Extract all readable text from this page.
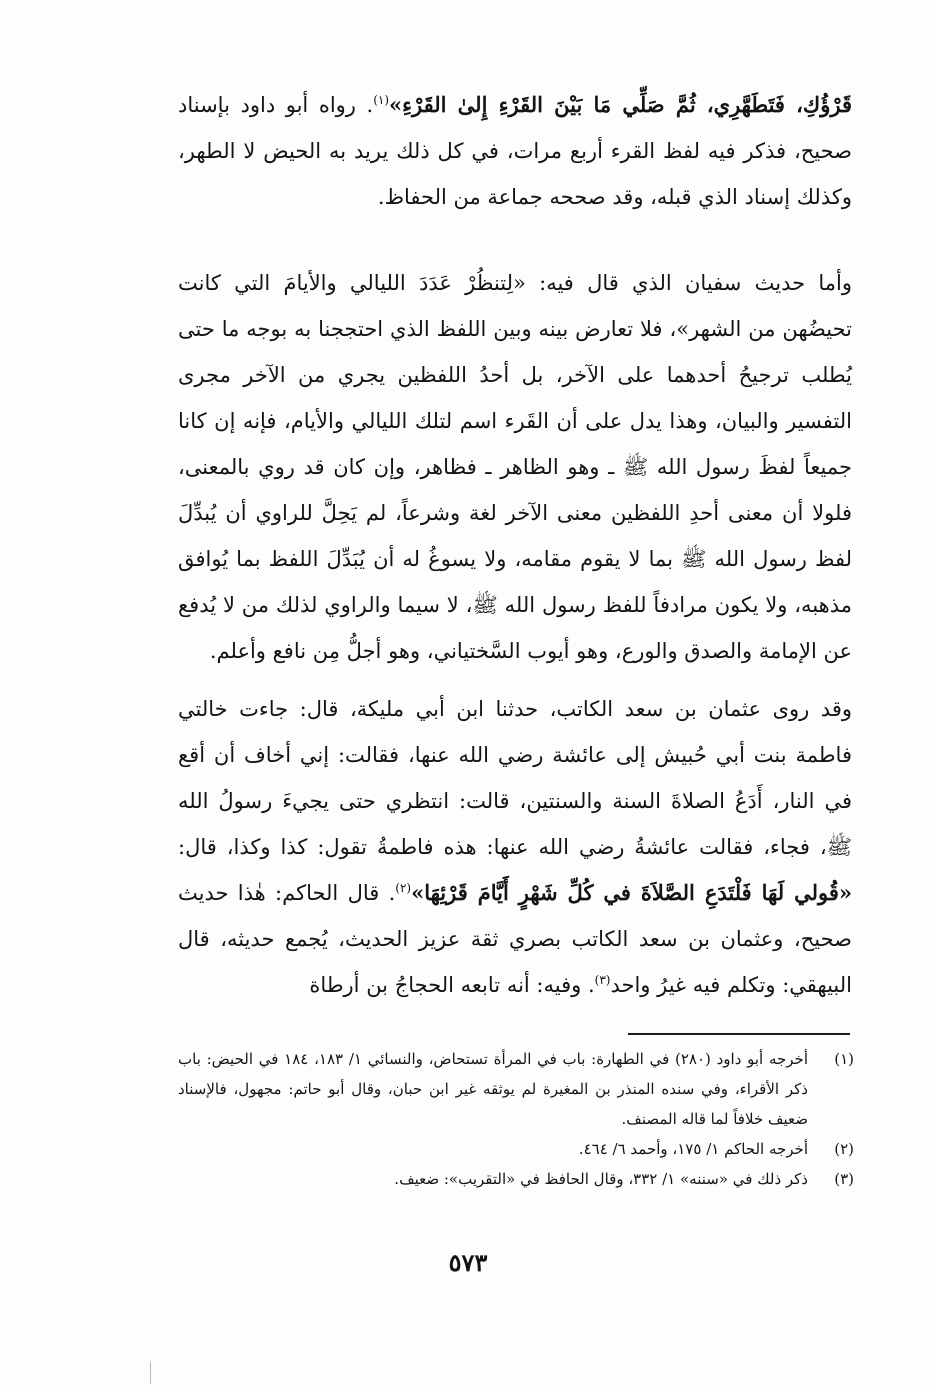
قَرْؤُكِ، فَتَطَهَّرِي، ثُمَّ صَلِّي مَا بَيْنَ القَرْءِ إِلىٰ القَرْءِ»$^{(١)}$. رواه أبو داود بإسناد صحيح، فذكر فيه لفظ القرء أربع مرات، في كل ذلك يريد به الحيض لا الطهر، وكذلك إسناد الذي قبله، وقد صححه جماعة من الحفاظ.

وأما حديث سفيان الذي قال فيه: «لِتنظُرْ عَدَدَ الليالي والأيامَ التي كانت تحيضُهن من الشهر»، فلا تعارض بينه وبين اللفظ الذي احتججنا به بوجه ما حتى يُطلب ترجيحُ أحدهما على الآخر، بل أحدُ اللفظين يجري من الآخر مجرى التفسير والبيان، وهذا يدل على أن القَرء اسم لتلك الليالي والأيام، فإنه إن كانا جميعاً لفظَ رسول الله ﷺ ـ وهو الظاهر ـ فظاهر، وإن كان قد روي بالمعنى، فلولا أن معنى أحدِ اللفظين معنى الآخر لغة وشرعاً، لم يَحِلَّ للراوي أن يُبدِّلَ لفظ رسول الله ﷺ بما لا يقوم مقامه، ولا يسوغُ له أن يُبَدِّلَ اللفظ بما يُوافق مذهبه، ولا يكون مرادفاً للفظ رسول الله ﷺ، لا سيما والراوي لذلك من لا يُدفع عن الإمامة والصدق والورع، وهو أيوب السَّختياني، وهو أجلُّ مِن نافع وأعلم.

وقد روى عثمان بن سعد الكاتب، حدثنا ابن أبي مليكة، قال: جاءت خالتي فاطمة بنت أبي حُبيش إلى عائشة رضي الله عنها، فقالت: إني أخاف أن أقع في النار، أَدَعُ الصلاةَ السنة والسنتين، قالت: انتظري حتى يجيءَ رسولُ الله ﷺ، فجاء، فقالت عائشةُ رضي الله عنها: هذه فاطمةُ تقول: كذا وكذا، قال: «قُولي لَهَا فَلْتَدَعِ الصَّلاَةَ في كُلِّ شَهْرٍ أَيَّامَ قَرْئِهَا»$^{(٢)}$. قال الحاكم: هٰذا حديث صحيح، وعثمان بن سعد الكاتب بصري ثقة عزيز الحديث، يُجمع حديثه، قال البيهقي: وتكلم فيه غيرُ واحد$^{(٣)}$. وفيه: أنه تابعه الحجاجُ بن أرطاة

(١)
أخرجه أبو داود (٢٨٠) في الطهارة: باب في المرأة تستحاض، والنسائي ١/ ١٨٣، ١٨٤ في الحيض: باب ذكر الأقراء، وفي سنده المنذر بن المغيرة لم يوثقه غير ابن حبان، وقال أبو حاتم: مجهول، فالإسناد ضعيف خلافاً لما قاله المصنف.

(٢)
أخرجه الحاكم ١/ ١٧٥، وأحمد ٦/ ٤٦٤.

(٣)
ذكر ذلك في «سننه» ١/ ٣٣٢، وقال الحافظ في «التقريب»: ضعيف.

٥٧٣
